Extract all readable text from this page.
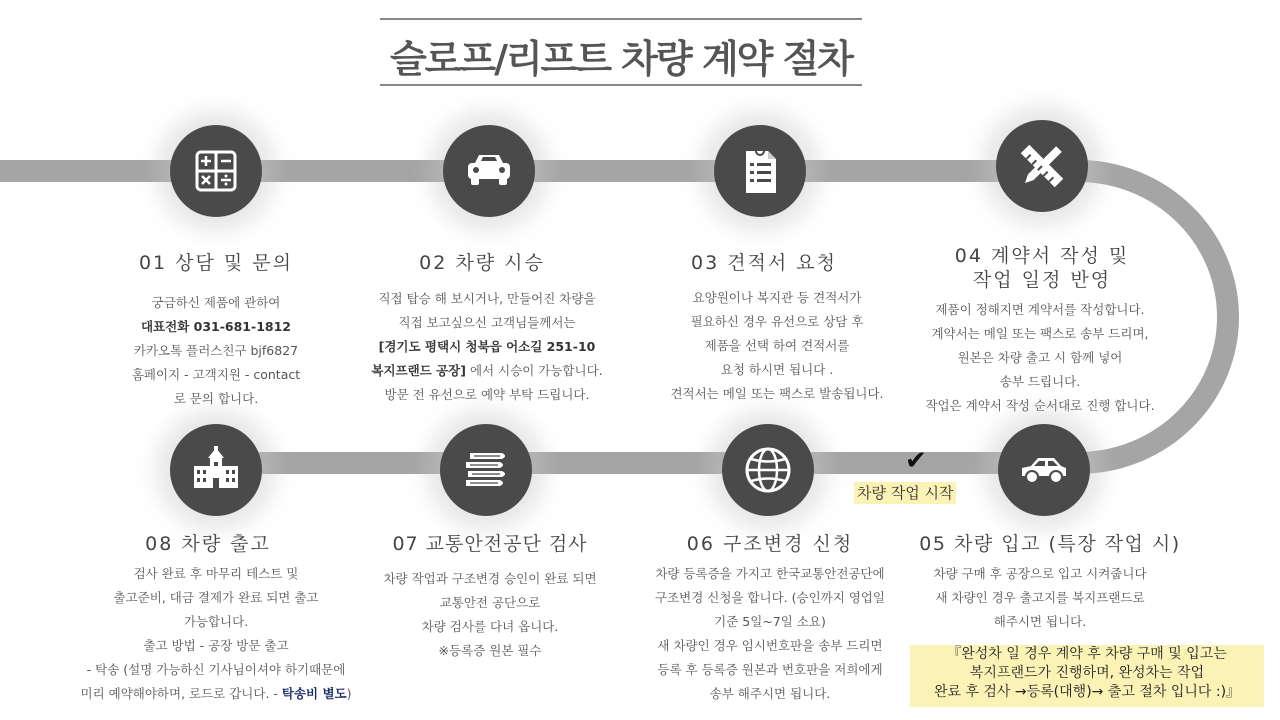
슬로프/리프트 차량 계약 절차
01 상담 및 문의	02 차량 시승	03 견적서 요청	04 계약서 작성 및
작업 일정 반영
05 차량 입고 (특장 작업 시)
06 구조변경 신청
07 교통안전공단 검사
08 차량 출고
궁금하신 제품에 관하여
대표전화 031-681-1812
카카오톡 플러스친구 bjf6827
홈페이지 - 고객지원 - contact
로 문의 합니다.
직접 탑승 해 보시거나, 만들어진 차량을
직접 보고싶으신 고객님들께서는
[경기도 평택시 청북읍 어소길 251-10
복지프랜드 공장] 에서 시승이 가능합니다.
방문 전 유선으로 예약 부탁 드립니다.
요양원이나 복지관 등 견적서가
필요하신 경우 유선으로 상담 후
제품을 선택 하여 견적서를
요청 하시면 됩니다 .
견적서는 메일 또는 팩스로 발송됩니다.
제품이 정해지면 계약서를 작성합니다.
계약서는 메일 또는 팩스로 송부 드리며,
원본은 차량 출고 시 함께 넣어
송부 드립니다.
작업은 계약서 작성 순서대로 진행 합니다.
차량 구매 후 공장으로 입고 시켜줍니다
새 차량인 경우 출고지를 복지프랜드로
해주시면 됩니다.
차량 등록증을 가지고 한국교통안전공단에
구조변경 신청을 합니다. (승인까지 영업일
기준 5일~7일 소요)
새 차량인 경우 임시번호판을 송부 드리면
등록 후 등록증 원본과 번호판을 저희에게
송부 해주시면 됩니다.
차량 작업과 구조변경 승인이 완료 되면
교통안전 공단으로
차량 검사를 다녀 옵니다.
※등록증 원본 필수
검사 완료 후 마무리 테스트 및
출고준비, 대금 결제가 완료 되면 출고
가능합니다.
출고 방법 - 공장 방문 출고
- 탁송 (설명 가능하신 기사님이셔야 하기때문에
미리 예약해야하며, 로드로 갑니다. - 탁송비 별도)
✔
차량 작업 시작
『완성차 일 경우 계약 후 차량 구매 및 입고는
복지프랜드가 진행하며, 완성차는 작업
완료 후 검사 →등록(대행)→ 출고 절차 입니다 :)』
